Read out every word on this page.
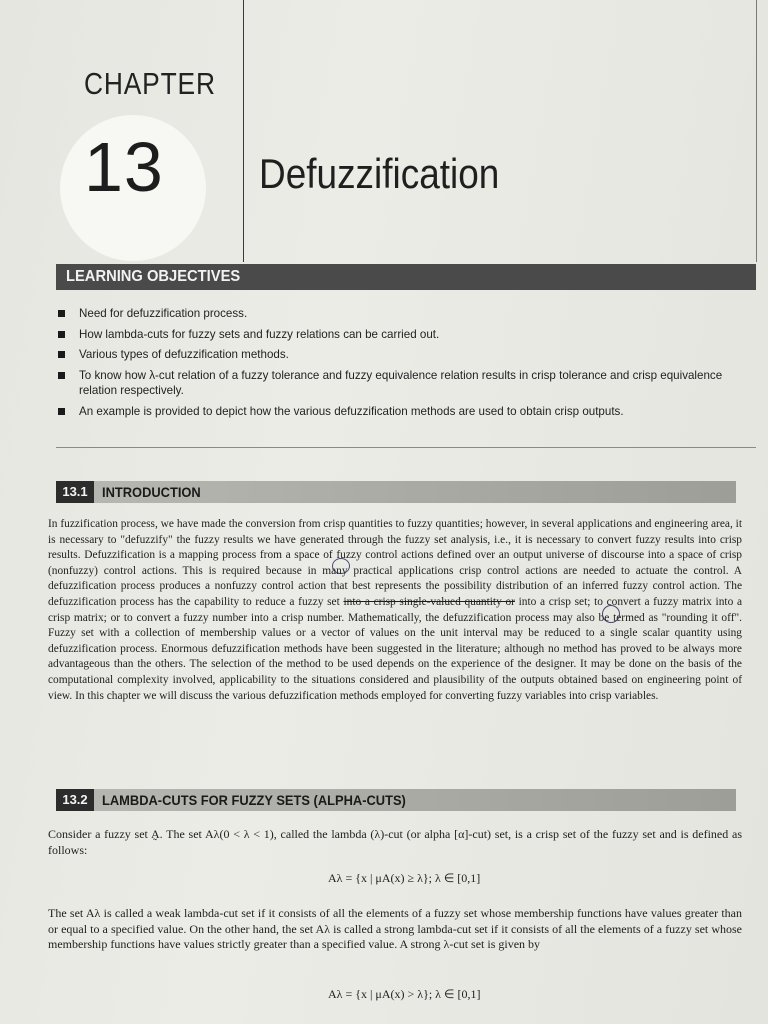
CHAPTER
13 Defuzzification
LEARNING OBJECTIVES
Need for defuzzification process.
How lambda-cuts for fuzzy sets and fuzzy relations can be carried out.
Various types of defuzzification methods.
To know how λ-cut relation of a fuzzy tolerance and fuzzy equivalence relation results in crisp tolerance and crisp equivalence relation respectively.
An example is provided to depict how the various defuzzification methods are used to obtain crisp outputs.
13.1	INTRODUCTION

In fuzzification process, we have made the conversion from crisp quantities to fuzzy quantities; however, in several applications and engineering area, it is necessary to "defuzzify" the fuzzy results we have generated through the fuzzy set analysis, i.e., it is necessary to convert fuzzy results into crisp results. Defuzzification is a mapping process from a space of fuzzy control actions defined over an output universe of discourse into a space of crisp (nonfuzzy) control actions. This is required because in many practical applications crisp control actions are needed to actuate the control. A defuzzification process produces a nonfuzzy control action that best represents the possibility distribution of an inferred fuzzy control action. The defuzzification process has the capability to reduce a fuzzy set into a crisp single-valued quantity or into a crisp set; to convert a fuzzy matrix into a crisp matrix; or to convert a fuzzy number into a crisp number. Mathematically, the defuzzification process may also be termed as "rounding it off". Fuzzy set with a collection of membership values or a vector of values on the unit interval may be reduced to a single scalar quantity using defuzzification process. Enormous defuzzification methods have been suggested in the literature; although no method has proved to be always more advantageous than the others. The selection of the method to be used depends on the experience of the designer. It may be done on the basis of the computational complexity involved, applicability to the situations considered and plausibility of the outputs obtained based on engineering point of view. In this chapter we will discuss the various defuzzification methods employed for converting fuzzy variables into crisp variables.

13.2	LAMBDA-CUTS FOR FUZZY SETS (ALPHA-CUTS)

Consider a fuzzy set A̰. The set Aλ(0 < λ < 1), called the lambda (λ)-cut (or alpha [α]-cut) set, is a crisp set of the fuzzy set and is defined as follows:

Aλ = {x | μA(x) ≥ λ}; λ ∈ [0,1]

The set Aλ is called a weak lambda-cut set if it consists of all the elements of a fuzzy set whose membership functions have values greater than or equal to a specified value. On the other hand, the set Aλ is called a strong lambda-cut set if it consists of all the elements of a fuzzy set whose membership functions have values strictly greater than a specified value. A strong λ-cut set is given by

Aλ = {x | μA(x) > λ}; λ ∈ [0,1]
